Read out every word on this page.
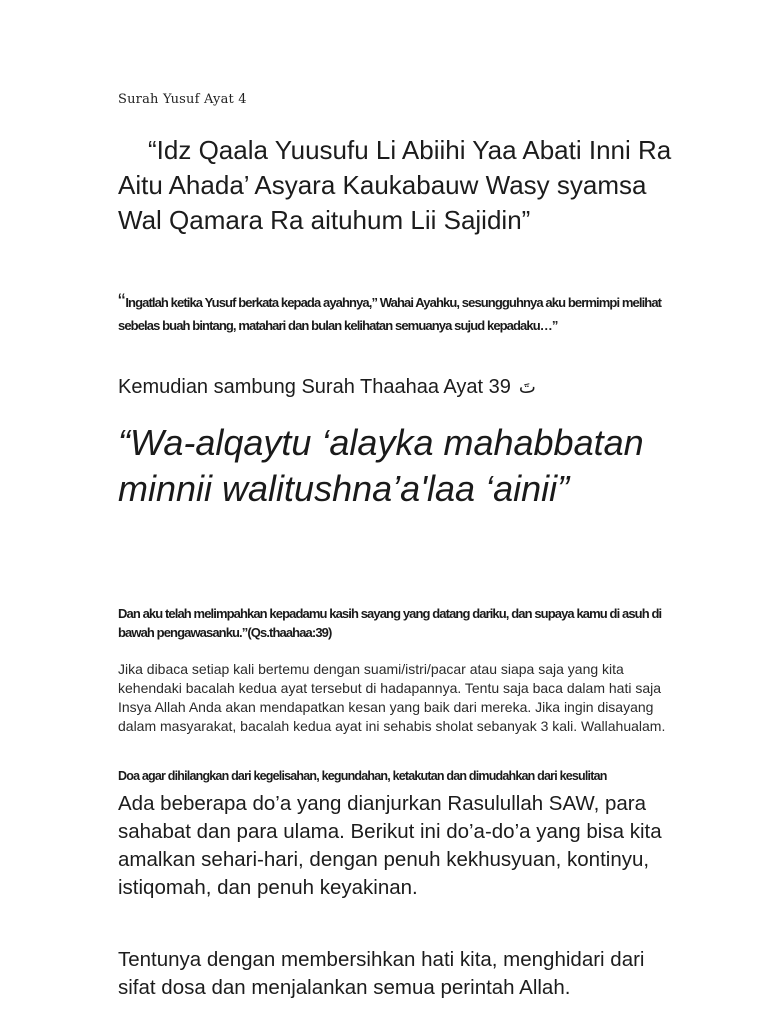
Surah Yusuf Ayat 4

“Idz Qaala Yuusufu Li Abiihi Yaa Abati Inni Ra Aitu Ahada’ Asyara Kaukabauw Wasy syamsa Wal Qamara Ra aituhum Lii Sajidin”

“Ingatlah ketika Yusuf berkata kepada ayahnya,” Wahai Ayahku, sesungguhnya aku bermimpi melihat sebelas buah bintang, matahari dan bulan kelihatan semuanya sujud kepadaku…”

Kemudian sambung Surah Thaahaa Ayat 39 تَ

“Wa-alqaytu ‘alayka mahabbatan minnii walitushna’a'laa ‘ainii”

Dan aku telah melimpahkan kepadamu kasih sayang yang datang dariku, dan supaya kamu di asuh di bawah pengawasanku.”(Qs.thaahaa:39)

Jika dibaca setiap kali bertemu dengan suami/istri/pacar atau siapa saja yang kita kehendaki bacalah kedua ayat tersebut di hadapannya. Tentu saja baca dalam hati saja Insya Allah Anda akan mendapatkan kesan yang baik dari mereka. Jika ingin disayang dalam masyarakat, bacalah kedua ayat ini sehabis sholat sebanyak 3 kali. Wallahualam.

Doa agar dihilangkan dari kegelisahan, kegundahan, ketakutan dan dimudahkan dari kesulitan

Ada beberapa do’a yang dianjurkan Rasulullah SAW, para sahabat dan para ulama. Berikut ini do’a-do’a yang bisa kita amalkan sehari-hari, dengan penuh kekhusyuan, kontinyu, istiqomah, dan penuh keyakinan.

Tentunya dengan membersihkan hati kita, menghidari dari sifat dosa dan menjalankan semua perintah Allah.
